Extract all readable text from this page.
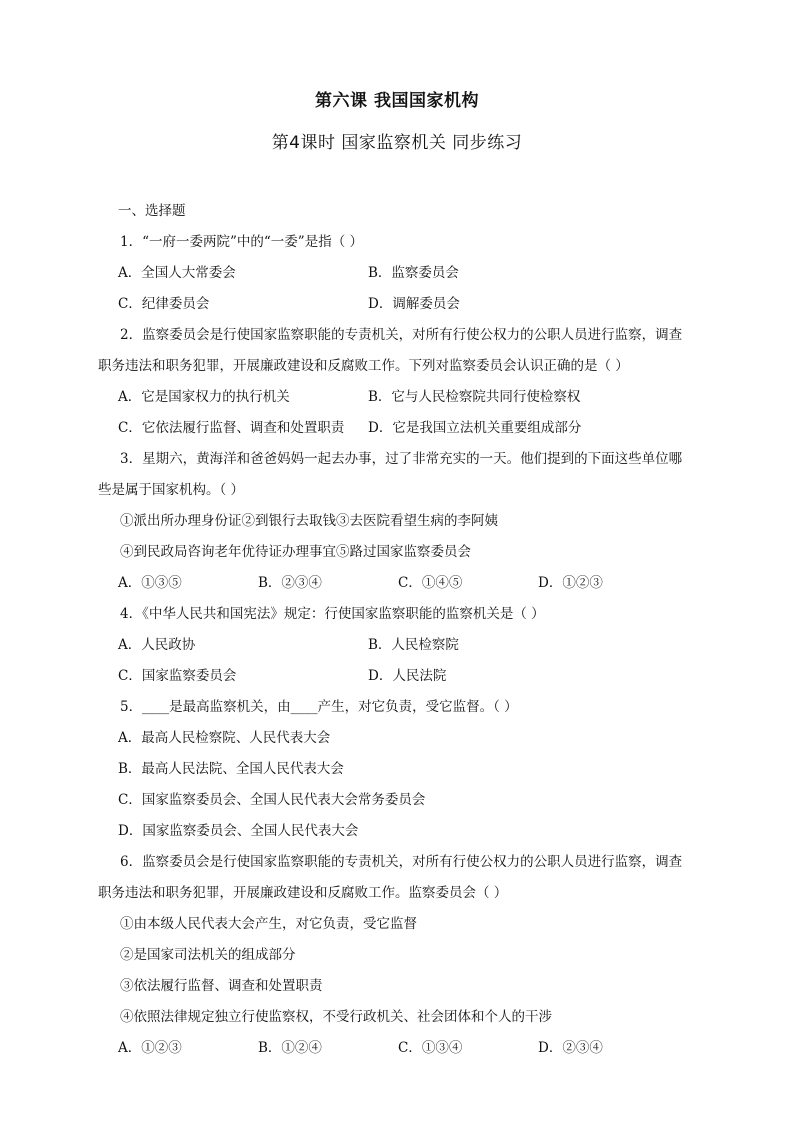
第六课 我国国家机构
第4课时 国家监察机关 同步练习
一、选择题
1．“一府一委两院”中的“一委”是指（ ）
A．全国人大常委会	B．监察委员会
C．纪律委员会	D．调解委员会
2．监察委员会是行使国家监察职能的专责机关，对所有行使公权力的公职人员进行监察，调查
职务违法和职务犯罪，开展廉政建设和反腐败工作。下列对监察委员会认识正确的是（ ）
A．它是国家权力的执行机关	B．它与人民检察院共同行使检察权
C．它依法履行监督、调查和处置职责	D．它是我国立法机关重要组成部分
3．星期六，黄海洋和爸爸妈妈一起去办事，过了非常充实的一天。他们提到的下面这些单位哪
些是属于国家机构。（ ）
①派出所办理身份证②到银行去取钱③去医院看望生病的李阿姨
④到民政局咨询老年优待证办理事宜⑤路过国家监察委员会
A．①③⑤	B．②③④	C．①④⑤	D．①②③
4．《中华人民共和国宪法》规定：行使国家监察职能的监察机关是（ ）
A．人民政协	B．人民检察院
C．国家监察委员会	D．人民法院
5．____是最高监察机关，由____产生，对它负责，受它监督。（ ）
A．最高人民检察院、人民代表大会
B．最高人民法院、全国人民代表大会
C．国家监察委员会、全国人民代表大会常务委员会
D．国家监察委员会、全国人民代表大会
6．监察委员会是行使国家监察职能的专责机关，对所有行使公权力的公职人员进行监察，调查
职务违法和职务犯罪，开展廉政建设和反腐败工作。监察委员会（ ）
①由本级人民代表大会产生，对它负责，受它监督
②是国家司法机关的组成部分
③依法履行监督、调查和处置职责
④依照法律规定独立行使监察权，不受行政机关、社会团体和个人的干涉
A．①②③	B．①②④	C．①③④	D．②③④
